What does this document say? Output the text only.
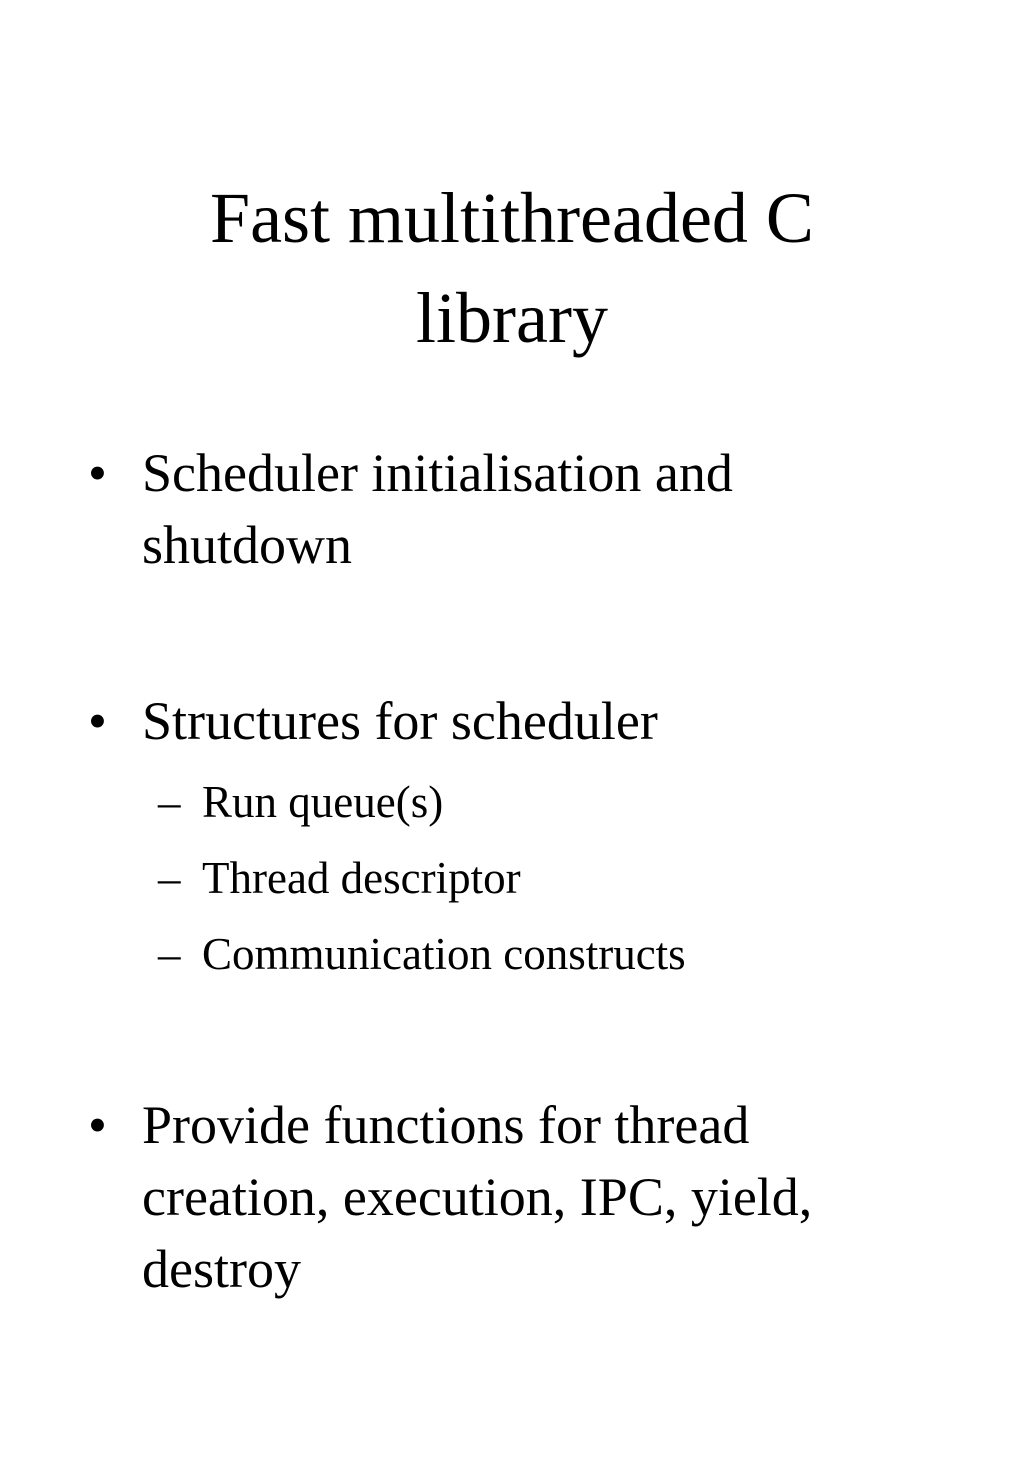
Fast multithreaded C
library
• Scheduler initialisation and
shutdown
• Structures for scheduler
– Run queue(s)
– Thread descriptor
– Communication constructs
• Provide functions for thread
creation, execution, IPC, yield,
destroy
